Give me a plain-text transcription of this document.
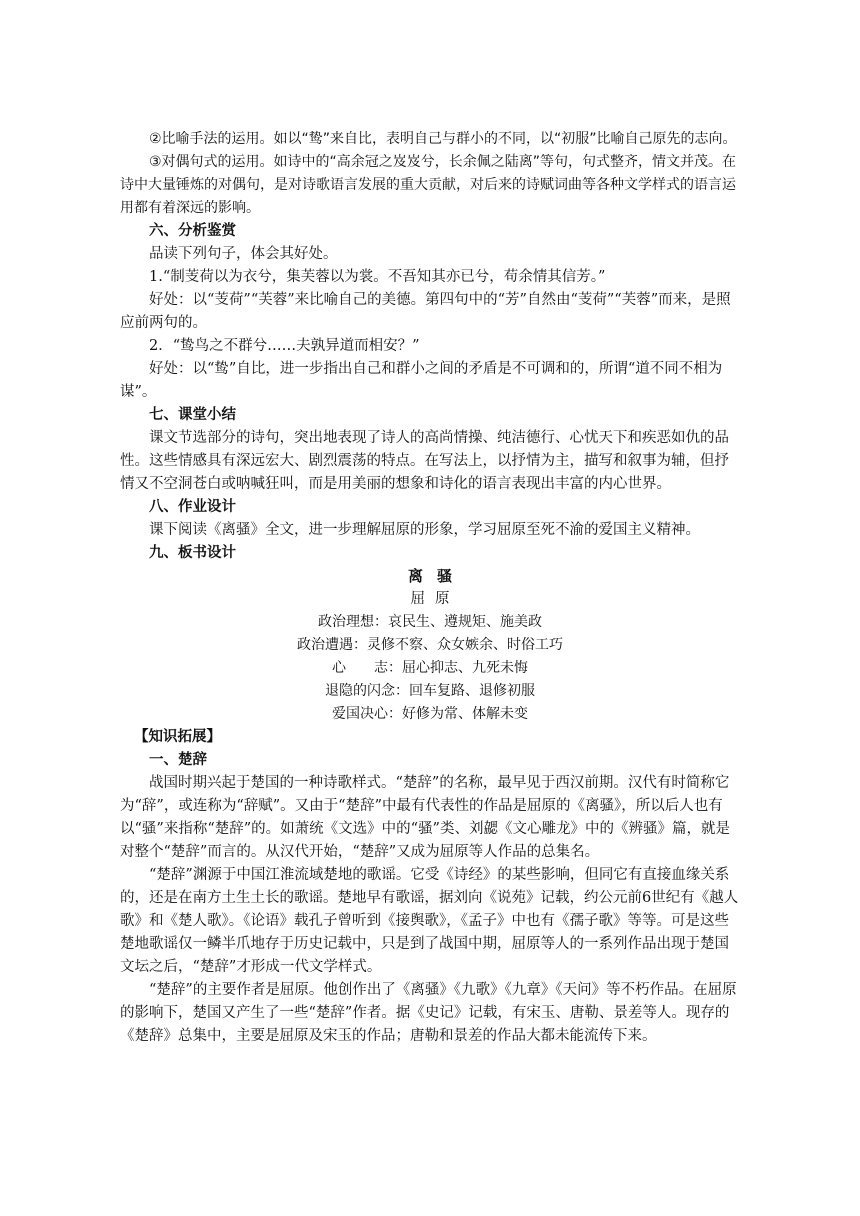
②比喻手法的运用。如以“鸷”来自比，表明自己与群小的不同，以“初服”比喻自己原先的志向。

③对偶句式的运用。如诗中的“高余冠之岌岌兮，长余佩之陆离”等句，句式整齐，情文并茂。在诗中大量锤炼的对偶句，是对诗歌语言发展的重大贡献，对后来的诗赋词曲等各种文学样式的语言运用都有着深远的影响。

六、分析鉴赏

品读下列句子，体会其好处。

1.“制芰荷以为衣兮，集芙蓉以为裳。不吾知其亦已兮，苟余情其信芳。”

好处：以“芰荷”“芙蓉”来比喻自己的美德。第四句中的“芳”自然由“芰荷”“芙蓉”而来，是照应前两句的。

2．“鸷鸟之不群兮……夫孰异道而相安？”

好处：以“鸷”自比，进一步指出自己和群小之间的矛盾是不可调和的，所谓“道不同不相为谋”。

七、课堂小结

课文节选部分的诗句，突出地表现了诗人的高尚情操、纯洁德行、心忧天下和疾恶如仇的品性。这些情感具有深远宏大、剧烈震荡的特点。在写法上，以抒情为主，描写和叙事为辅，但抒情又不空洞苍白或呐喊狂叫，而是用美丽的想象和诗化的语言表现出丰富的内心世界。

八、作业设计

课下阅读《离骚》全文，进一步理解屈原的形象，学习屈原至死不渝的爱国主义精神。

九、板书设计

离骚

屈原

政治理想：哀民生、遵规矩、施美政

政治遭遇：灵修不察、众女嫉余、时俗工巧

心　　志：屈心抑志、九死未悔

退隐的闪念：回车复路、退修初服

爱国决心：好修为常、体解未变

【知识拓展】

一、楚辞

战国时期兴起于楚国的一种诗歌样式。“楚辞”的名称，最早见于西汉前期。汉代有时简称它为“辞”，或连称为“辞赋”。又由于“楚辞”中最有代表性的作品是屈原的《离骚》，所以后人也有以“骚”来指称“楚辞”的。如萧统《文选》中的“骚”类、刘勰《文心雕龙》中的《辨骚》篇，就是对整个“楚辞”而言的。从汉代开始，“楚辞”又成为屈原等人作品的总集名。

“楚辞”渊源于中国江淮流域楚地的歌谣。它受《诗经》的某些影响，但同它有直接血缘关系的，还是在南方土生土长的歌谣。楚地早有歌谣，据刘向《说苑》记载，约公元前6世纪有《越人歌》和《楚人歌》。《论语》载孔子曾听到《接舆歌》，《孟子》中也有《孺子歌》等等。可是这些楚地歌谣仅一鳞半爪地存于历史记载中，只是到了战国中期，屈原等人的一系列作品出现于楚国文坛之后，“楚辞”才形成一代文学样式。

“楚辞”的主要作者是屈原。他创作出了《离骚》《九歌》《九章》《天问》等不朽作品。在屈原的影响下，楚国又产生了一些“楚辞”作者。据《史记》记载，有宋玉、唐勒、景差等人。现存的《楚辞》总集中，主要是屈原及宋玉的作品；唐勒和景差的作品大都未能流传下来。
